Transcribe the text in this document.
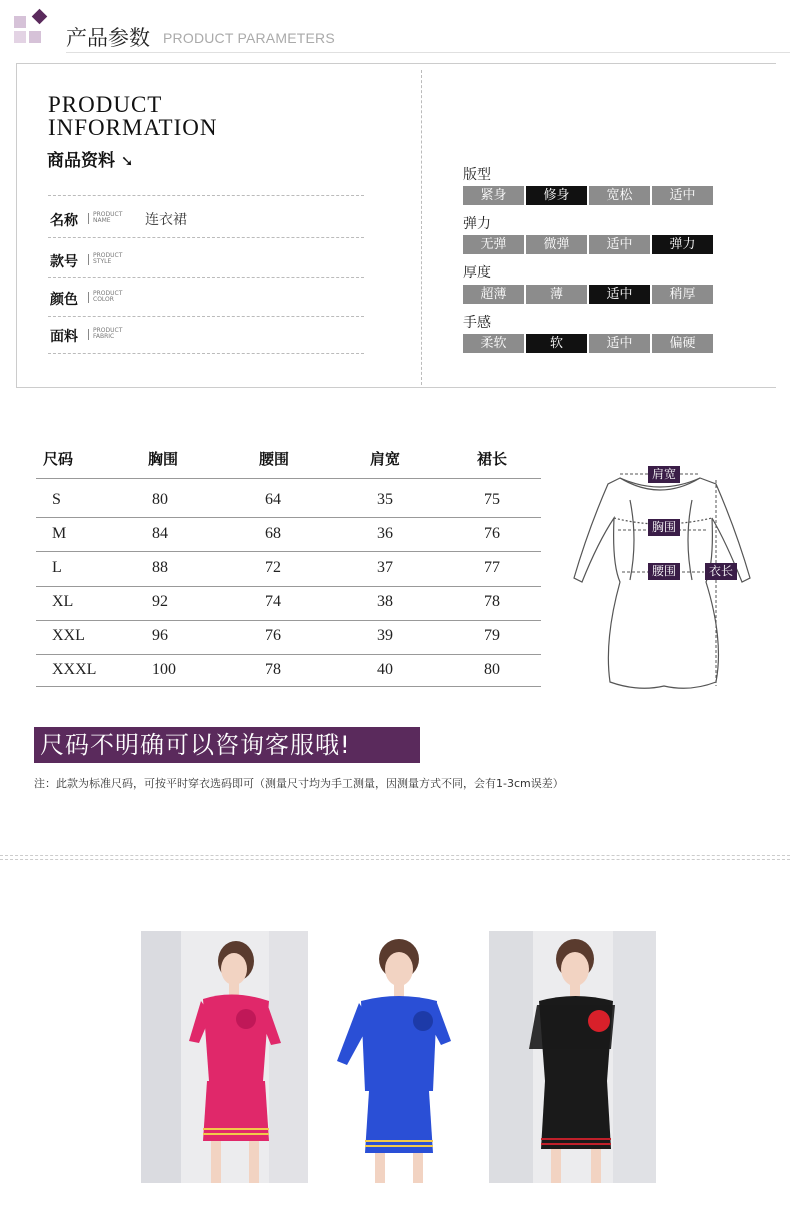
产品参数 PRODUCT PARAMETERS
PRODUCT
INFORMATION
商品资料 ➘
名称	PRODUCT
NAME	连衣裙
款号	PRODUCT
STYLE
颜色	PRODUCT
COLOR
面料	PRODUCT
FABRIC
版型
紧身	修身	宽松	适中
弹力
无弹	微弹	适中	弹力
厚度
超薄	薄	适中	稍厚
手感
柔软	软	适中	偏硬
尺码	胸围	腰围	肩宽	裙长
S	80	64	35	75
M	84	68	36	76
L	88	72	37	77
XL	92	74	38	78
XXL	96	76	39	79
XXXL	100	78	40	80
肩宽
胸围
腰围	衣长
尺码不明确可以咨询客服哦!
注：此款为标准尺码，可按平时穿衣选码即可（测量尺寸均为手工测量，因测量方式不同，会有1-3cm误差）
